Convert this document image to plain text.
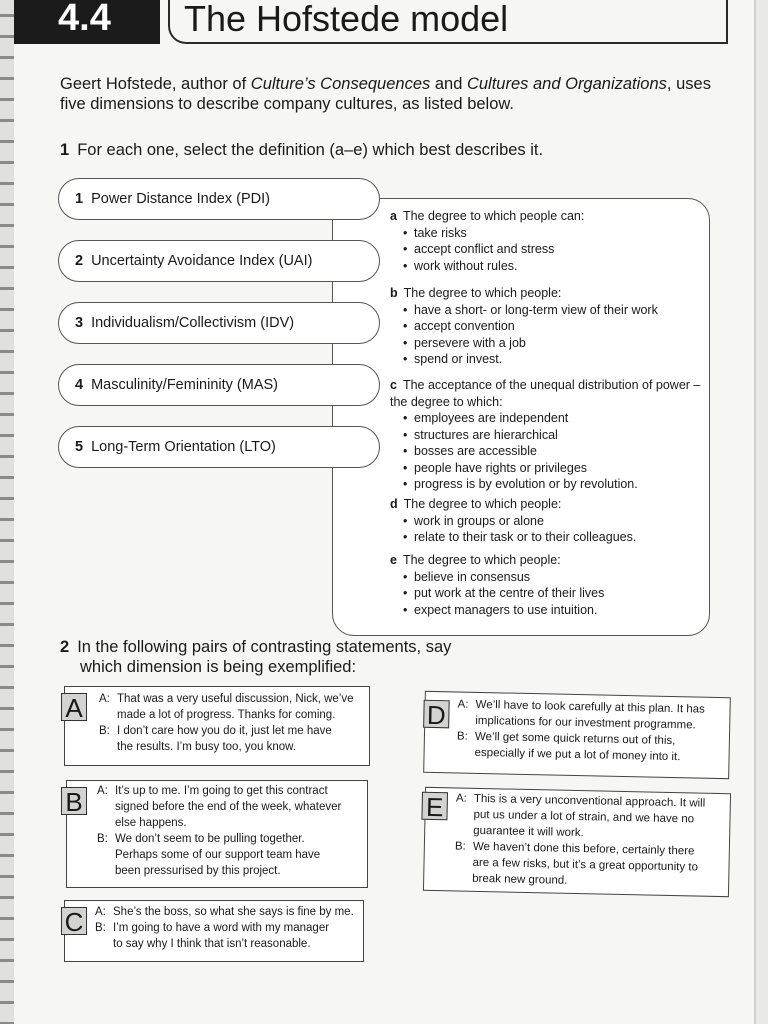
4.4	The Hofstede model
Geert Hofstede, author of Culture’s Consequences and Cultures and Organizations, uses five dimensions to describe company cultures, as listed below.
1 For each one, select the definition (a–e) which best describes it.
1 Power Distance Index (PDI)
2 Uncertainty Avoidance Index (UAI)
3 Individualism/Collectivism (IDV)
4 Masculinity/Femininity (MAS)
5 Long-Term Orientation (LTO)
a The degree to which people can:
• take risks
• accept conflict and stress
• work without rules.
b The degree to which people:
• have a short- or long-term view of their work
• accept convention
• persevere with a job
• spend or invest.
c The acceptance of the unequal distribution of power – the degree to which:
• employees are independent
• structures are hierarchical
• bosses are accessible
• people have rights or privileges
• progress is by evolution or by revolution.
d The degree to which people:
• work in groups or alone
• relate to their task or to their colleagues.
e The degree to which people:
• believe in consensus
• put work at the centre of their lives
• expect managers to use intuition.
2 In the following pairs of contrasting statements, say
which dimension is being exemplified:
A	A: That was a very useful discussion, Nick, we’ve
made a lot of progress. Thanks for coming.
B: I don’t care how you do it, just let me have
the results. I’m busy too, you know.
B	A: It’s up to me. I’m going to get this contract
signed before the end of the week, whatever
else happens.
B: We don’t seem to be pulling together.
Perhaps some of our support team have
been pressurised by this project.
C	A: She’s the boss, so what she says is fine by me.
B: I’m going to have a word with my manager
to say why I think that isn’t reasonable.
D A: We’ll have to look carefully at this plan. It has
implications for our investment programme.
B: We’ll get some quick returns out of this,
especially if we put a lot of money into it.
E	A: This is a very unconventional approach. It will
put us under a lot of strain, and we have no
guarantee it will work.
B: We haven’t done this before, certainly there
are a few risks, but it’s a great opportunity to
break new ground.
